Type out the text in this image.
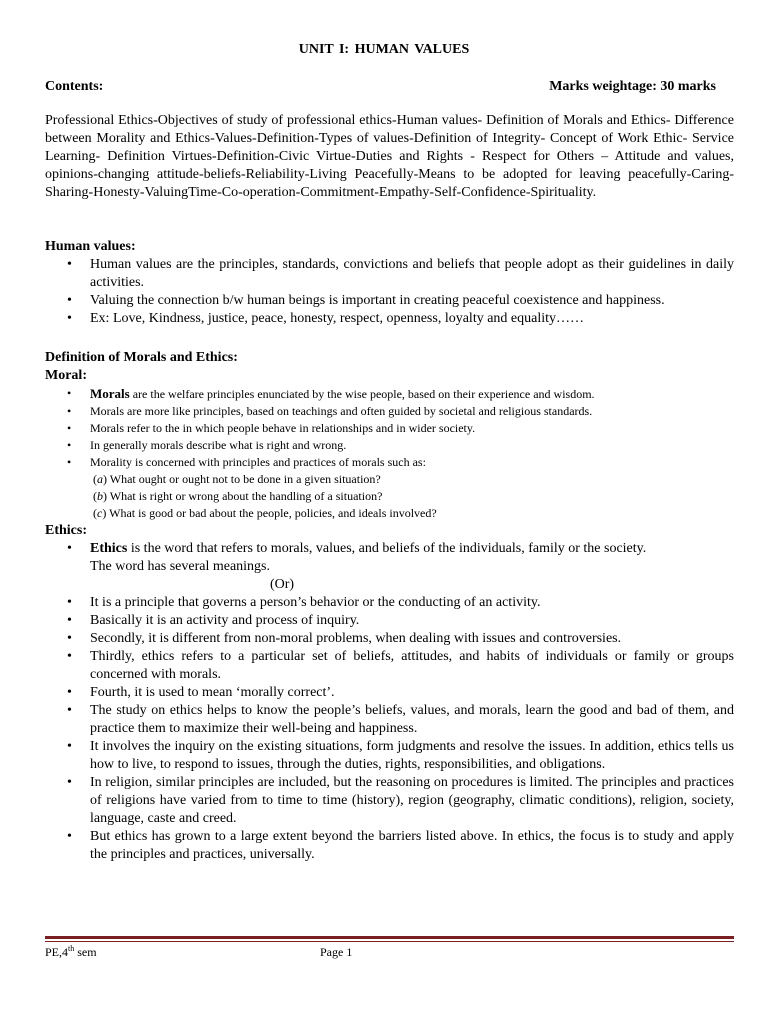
UNIT I: HUMAN VALUES
Contents:	Marks weightage: 30 marks
Professional Ethics-Objectives of study of professional ethics-Human values- Definition of Morals and Ethics- Difference between Morality and Ethics-Values-Definition-Types of values-Definition of Integrity- Concept of Work Ethic- Service Learning- Definition Virtues-Definition-Civic Virtue-Duties and Rights - Respect for Others – Attitude and values, opinions-changing attitude-beliefs-Reliability-Living Peacefully-Means to be adopted for leaving peacefully-Caring-Sharing-Honesty-ValuingTime-Co-operation-Commitment-Empathy-Self-Confidence-Spirituality.
Human values:
• Human values are the principles, standards, convictions and beliefs that people adopt as their guidelines in daily activities.
• Valuing the connection b/w human beings is important in creating peaceful coexistence and happiness.
• Ex: Love, Kindness, justice, peace, honesty, respect, openness, loyalty and equality……
Definition of Morals and Ethics:
Moral:
• Morals are the welfare principles enunciated by the wise people, based on their experience and wisdom.
• Morals are more like principles, based on teachings and often guided by societal and religious standards.
• Morals refer to the in which people behave in relationships and in wider society.
• In generally morals describe what is right and wrong.
• Morality is concerned with principles and practices of morals such as:
(a) What ought or ought not to be done in a given situation?
(b) What is right or wrong about the handling of a situation?
(c) What is good or bad about the people, policies, and ideals involved?
Ethics:
• Ethics is the word that refers to morals, values, and beliefs of the individuals, family or the society.
The word has several meanings.
(Or)
• It is a principle that governs a person’s behavior or the conducting of an activity.
• Basically it is an activity and process of inquiry.
• Secondly, it is different from non-moral problems, when dealing with issues and controversies.
• Thirdly, ethics refers to a particular set of beliefs, attitudes, and habits of individuals or family or groups concerned with morals.
• Fourth, it is used to mean ‘morally correct’.
• The study on ethics helps to know the people’s beliefs, values, and morals, learn the good and bad of them, and practice them to maximize their well-being and happiness.
• It involves the inquiry on the existing situations, form judgments and resolve the issues. In addition, ethics tells us how to live, to respond to issues, through the duties, rights, responsibilities, and obligations.
• In religion, similar principles are included, but the reasoning on procedures is limited. The principles and practices of religions have varied from to time to time (history), region (geography, climatic conditions), religion, society, language, caste and creed.
• But ethics has grown to a large extent beyond the barriers listed above. In ethics, the focus is to study and apply the principles and practices, universally.
PE,4th sem	Page 1
